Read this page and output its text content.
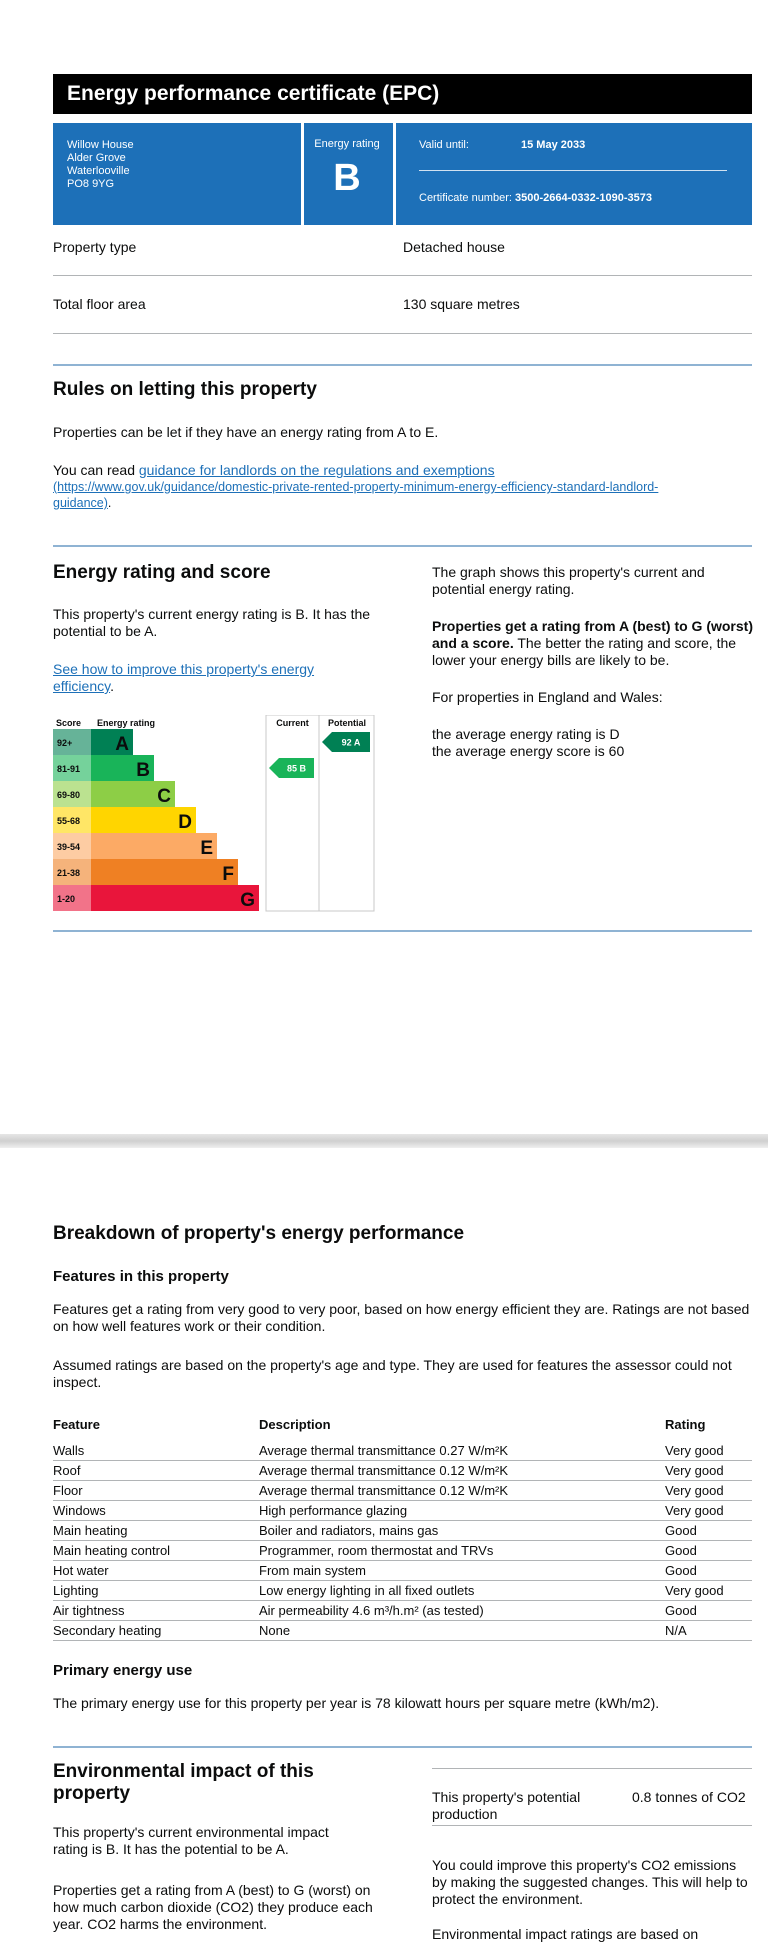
Energy performance certificate (EPC)
Willow House
Alder Grove
Waterlooville
PO8 9YG
Energy rating
B
Valid until:	15 May 2033
Certificate number: 3500-2664-0332-1090-3573
Property type	Detached house
Total floor area	130 square metres
Rules on letting this property
Properties can be let if they have an energy rating from A to E.
You can read guidance for landlords on the regulations and exemptions
(https://www.gov.uk/guidance/domestic-private-rented-property-minimum-energy-efficiency-standard-landlord-
guidance).
Energy rating and score
This property's current energy rating is B. It has the potential to be A.
See how to improve this property's energy efficiency.
The graph shows this property's current and potential energy rating.
Properties get a rating from A (best) to G (worst) and a score. The better the rating and score, the lower your energy bills are likely to be.
For properties in England and Wales:
the average energy rating is D
the average energy score is 60
Score Energy rating	Current Potential
92+ A
81-91	B
69-80	C
55-68	D
39-54	E
21-38	F
1-20	G
85 B
92 A
Breakdown of property's energy performance
Features in this property
Features get a rating from very good to very poor, based on how energy efficient they are. Ratings are not based on how well features work or their condition.
Assumed ratings are based on the property's age and type. They are used for features the assessor could not inspect.
Feature	Description	Rating
Walls	Average thermal transmittance 0.27 W/m²K	Very good
Roof	Average thermal transmittance 0.12 W/m²K	Very good
Floor	Average thermal transmittance 0.12 W/m²K	Very good
Windows	High performance glazing	Very good
Main heating	Boiler and radiators, mains gas	Good
Main heating control	Programmer, room thermostat and TRVs	Good
Hot water	From main system	Good
Lighting	Low energy lighting in all fixed outlets	Very good
Air tightness	Air permeability 4.6 m³/h.m² (as tested)	Good
Secondary heating	None	N/A
Primary energy use
The primary energy use for this property per year is 78 kilowatt hours per square metre (kWh/m2).
Environmental impact of this property
This property's current environmental impact rating is B. It has the potential to be A.
Properties get a rating from A (best) to G (worst) on how much carbon dioxide (CO2) they produce each year. CO2 harms the environment.
This property's potential production
0.8 tonnes of CO2
You could improve this property's CO2 emissions by making the suggested changes. This will help to protect the environment.
Environmental impact ratings are based on
